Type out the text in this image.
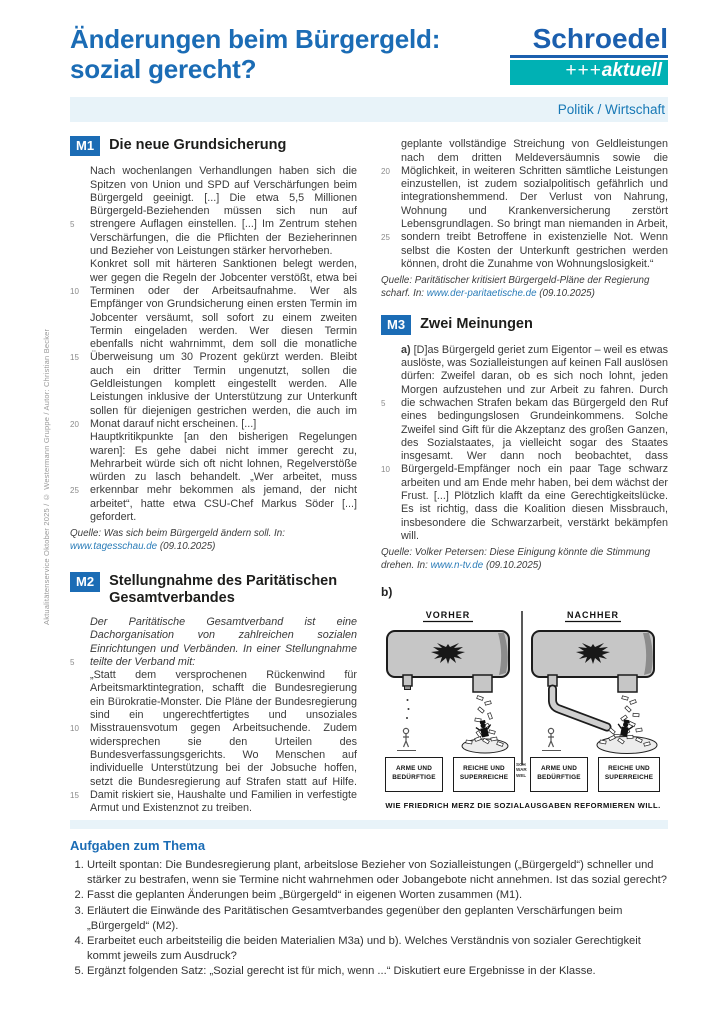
Aktualitätenservice Oktober 2025 / © Westermann Gruppe / Autor: Christian Becker
Änderungen beim Bürgergeld: sozial gerecht?
Schroedel
+++aktuell
Politik / Wirtschaft
M1	Die neue Grundsicherung

Nach wochenlangen Verhandlungen haben sich die Spitzen von Union und SPD auf Verschärfungen beim Bürgergeld geeinigt. [...] Die etwa 5,5 Millionen Bürgergeld-Beziehenden müssen sich nun auf strengere Auflagen einstellen. [...] Im Zentrum stehen Verschärfungen, die die Pflichten der Bezieherinnen und Bezieher von Leistungen stärker hervorheben.

Konkret soll mit härteren Sanktionen belegt werden, wer gegen die Regeln der Jobcenter verstößt, etwa bei Terminen oder der Arbeitsaufnahme. Wer als Empfänger von Grundsicherung einen ersten Termin im Jobcenter versäumt, soll sofort zu einem zweiten Termin eingeladen werden. Wer diesen Termin ebenfalls nicht wahrnimmt, dem soll die monatliche Überweisung um 30 Prozent gekürzt werden. Bleibt auch ein dritter Termin ungenutzt, sollen die Geldleistungen komplett eingestellt werden. Alle Leistungen inklusive der Unterstützung zur Unterkunft sollen für diejenigen gestrichen werden, die auch im Monat darauf nicht erscheinen. [...]

Hauptkritikpunkte [an den bisherigen Regelungen waren]: Es gehe dabei nicht immer gerecht zu, Mehrarbeit würde sich oft nicht lohnen, Regelverstöße würden zu lasch behandelt. „Wer arbeitet, muss erkennbar mehr bekommen als jemand, der nicht arbeitet“, hatte etwa CSU-Chef Markus Söder [...] gefordert.

5
10
15
20
25
Quelle: Was sich beim Bürgergeld ändern soll. In: www.tagesschau.de (09.10.2025)
M2	Stellungnahme des Paritätischen Gesamtverbandes

Der Paritätische Gesamtverband ist eine Dachorganisation von zahlreichen sozialen Einrichtungen und Verbänden. In einer Stellungnahme teilte der Verband mit:

„Statt dem versprochenen Rückenwind für Arbeitsmarktintegration, schafft die Bundesregierung ein Bürokratie-Monster. Die Pläne der Bundesregierung sind ein ungerechtfertigtes und unsoziales Misstrauensvotum gegen Arbeitsuchende. Zudem widersprechen sie den Urteilen des Bundesverfassungsgerichts. Wo Menschen auf individuelle Unterstützung bei der Jobsuche hoffen, setzt die Bundesregierung auf Strafen statt auf Hilfe. Damit riskiert sie, Haushalte und Familien in verfestigte Armut und Existenznot zu treiben.

5
10
15

geplante vollständige Streichung von Geldleistungen nach dem dritten Meldeversäumnis sowie die Möglichkeit, in weiteren Schritten sämtliche Leistungen einzustellen, ist zudem sozialpolitisch gefährlich und integrationshemmend. Der Verlust von Nahrung, Wohnung und Krankenversicherung zerstört Lebensgrundlagen. So bringt man niemanden in Arbeit, sondern treibt Betroffene in existenzielle Not. Wenn selbst die Kosten der Unterkunft gestrichen werden können, droht die Zunahme von Wohnungslosigkeit.“

20
25
Quelle: Paritätischer kritisiert Bürgergeld-Pläne der Regierung scharf. In: www.der-paritaetische.de (09.10.2025)
M3	Zwei Meinungen

a) [D]as Bürgergeld geriet zum Eigentor – weil es etwas auslöste, was Sozialleistungen auf keinen Fall auslösen dürfen: Zweifel daran, ob es sich noch lohnt, jeden Morgen aufzustehen und zur Arbeit zu fahren. Durch die schwachen Strafen bekam das Bürgergeld den Ruf eines bedingungslosen Grundeinkommens. Solche Zweifel sind Gift für die Akzeptanz des großen Ganzen, des Sozialstaates, ja vielleicht sogar des Staates insgesamt. Wer dann noch beobachtet, dass Bürgergeld-Empfänger noch ein paar Tage schwarz arbeiten und am Ende mehr haben, bei dem wächst der Frust. [...] Plötzlich klafft da eine Gerechtigkeitslücke. Es ist richtig, dass die Koalition diesen Missbrauch, insbesondere die Schwarzarbeit, verstärkt bekämpfen will.

5
10
Quelle: Volker Petersen: Diese Einigung könnte die Stimmung drehen. In: www.n-tv.de (09.10.2025)
b)
VORHER	NACHHER
ARME UND BEDÜRFTIGE
REICHE UND SUPERREICHE
SCHWARWEL
ARME UND BEDÜRFTIGE
REICHE UND SUPERREICHE
WIE FRIEDRICH MERZ DIE SOZIALAUSGABEN REFORMIEREN WILL.
Aufgaben zum Thema
1. Urteilt spontan: Die Bundesregierung plant, arbeitslose Bezieher von Sozialleistungen („Bürgergeld“) schneller und stärker zu bestrafen, wenn sie Termine nicht wahrnehmen oder Jobangebote nicht annehmen. Ist das sozial gerecht?
2. Fasst die geplanten Änderungen beim „Bürgergeld“ in eigenen Worten zusammen (M1).
3. Erläutert die Einwände des Paritätischen Gesamtverbandes gegenüber den geplanten Verschärfungen beim „Bürgergeld“ (M2).
4. Erarbeitet euch arbeitsteilig die beiden Materialien M3a) und b). Welches Verständnis von sozialer Gerechtigkeit kommt jeweils zum Ausdruck?
5. Ergänzt folgenden Satz: „Sozial gerecht ist für mich, wenn ...“ Diskutiert eure Ergebnisse in der Klasse.
